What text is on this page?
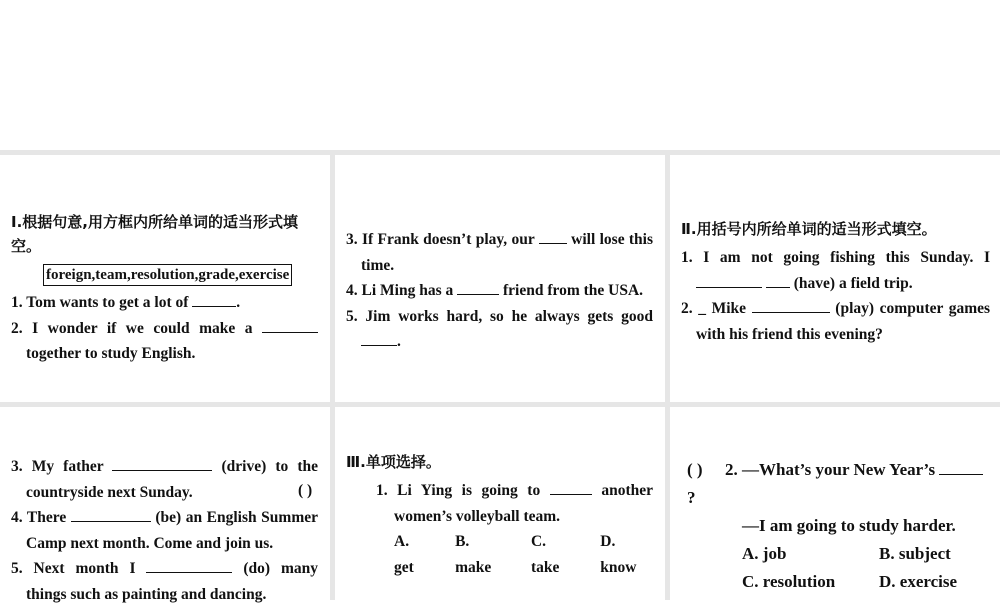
Ⅰ.根据句意,用方框内所给单词的适当形式填空。
foreign,team,resolution,grade,exercise
1. Tom wants to get a lot of	.
2. I wonder if we could make a  together to study English.
3. If Frank doesn’t play, our will lose this time.
4. Li Ming has a	friend from the USA.
5. Jim works hard, so he always gets good .
Ⅱ.用括号内所给单词的适当形式填空。
1. I am not going fishing this Sunday. I   (have) a field trip.
2. _ Mike	(play) computer games with his friend this evening?
3. My father	(drive) to the countryside next Sunday.
4. There	(be) an English Summer Camp next month. Come and join us.
5. Next month I	(do) many things such as painting and dancing.
Ⅲ.单项选择。
( )	1. Li Ying is going to	another women’s volleyball team.
A. get
B. make
C. take
D. know
( ) 2. —What’s your New Year’s ?
—I am going to study harder.
A. job	B. subject
C. resolution	D. exercise
